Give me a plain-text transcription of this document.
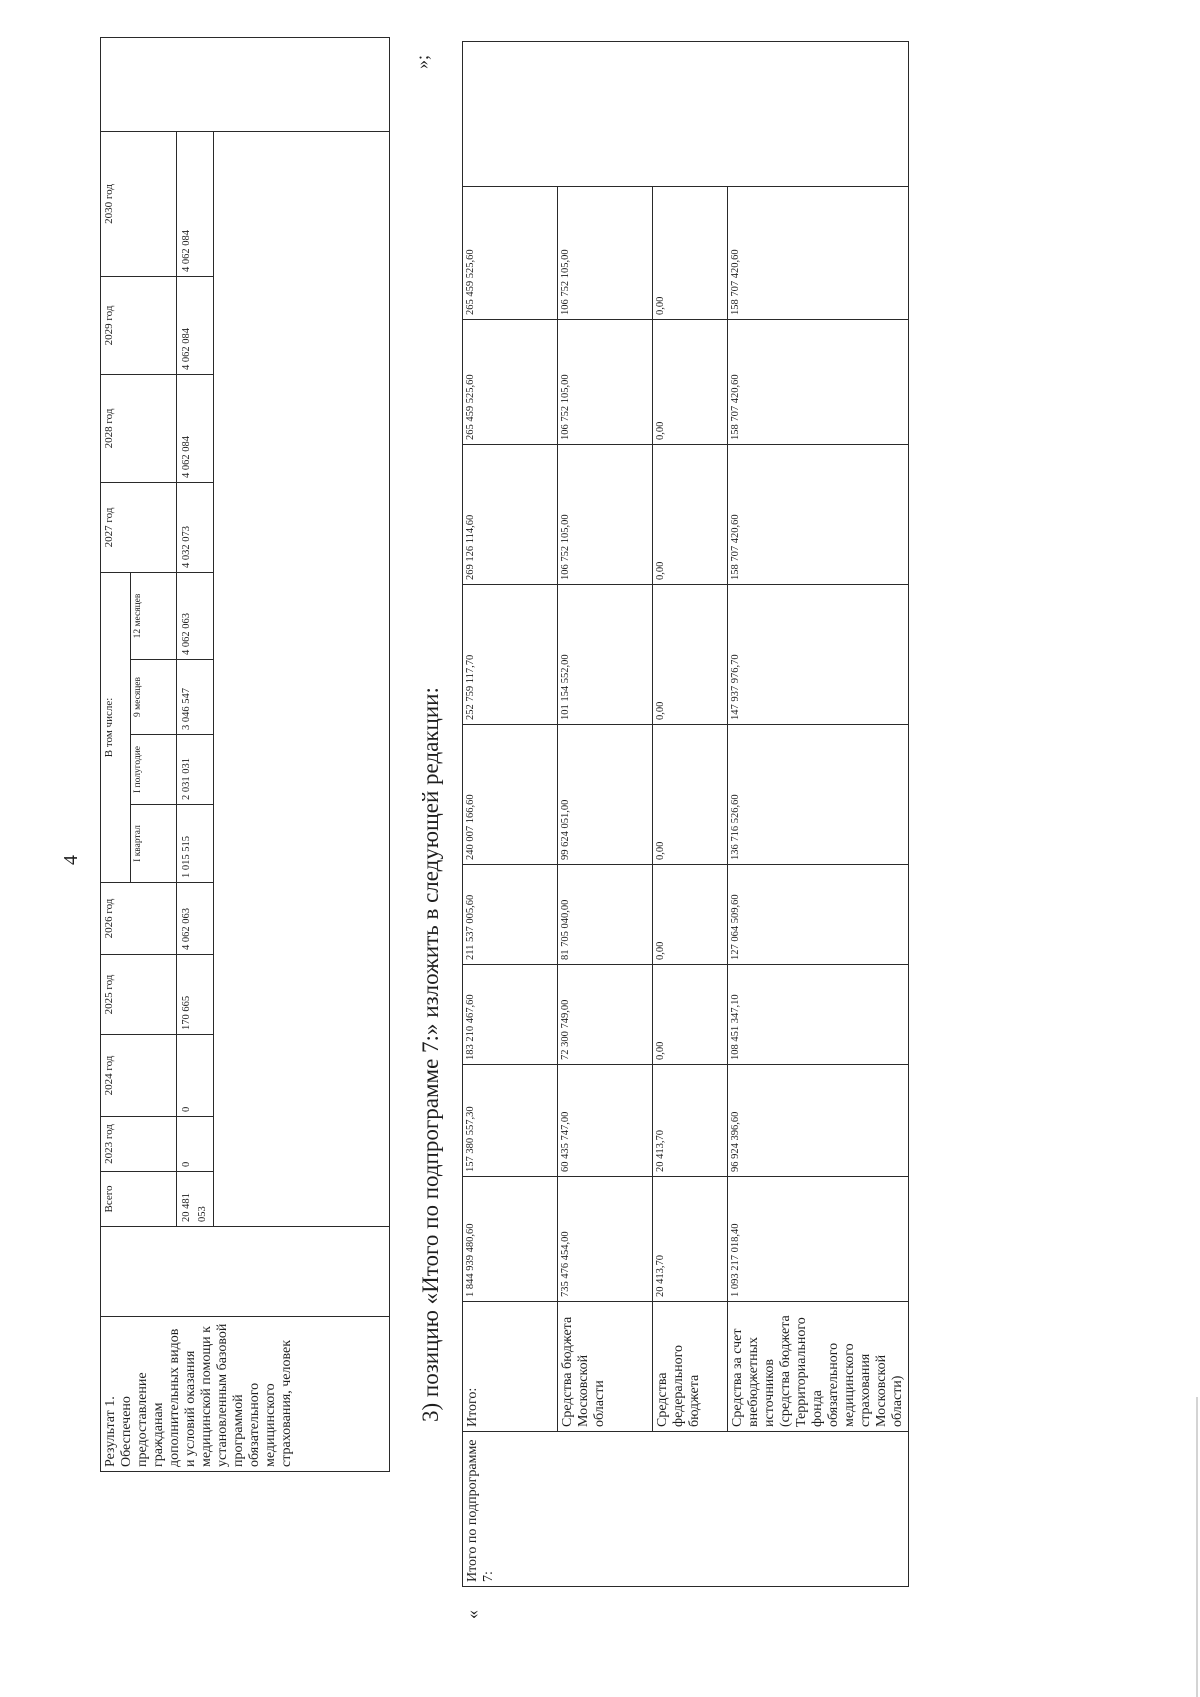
4
Результат 1. Обеспечено предоставление гражданам дополнительных видов и условий оказания медицинской помощи к установленным базовой программой обязательного медицинского страхования, человек		Всего	2023 год	2024 год	2025 год	2026 год	В том числе:				2027 год	2028 год	2029 год	2030 год	
							I квартал	I полугодие	9 месяцев	12 месяцев					
		20 481 053	0	0	170 665	4 062 063	1 015 515	2 031 031	3 046 547	4 062 063	4 032 073	4 062 084	4 062 084	4 062 084	

»;
3) позицию «Итого по подпрограмме 7:» изложить в следующей редакции:
«
Итого по подпрограмме 7:	Итого:	1 844 939 480,60	157 380 557,30	183 210 467,60	211 537 005,60	240 007 166,60	252 759 117,70	269 126 114,60	265 459 525,60	265 459 525,60	
	Средства бюджета Московской области	735 476 454,00	60 435 747,00	72 300 749,00	81 705 040,00	99 624 051,00	101 154 552,00	106 752 105,00	106 752 105,00	106 752 105,00	
	Средства федерального бюджета	20 413,70	20 413,70	0,00	0,00	0,00	0,00	0,00	0,00	0,00	
	Средства за счет внебюджетных источников (средства бюджета Территориального фонда обязательного медицинского страхования Московской области)	1 093 217 018,40	96 924 396,60	108 451 347,10	127 064 509,60	136 716 526,60	147 937 976,70	158 707 420,60	158 707 420,60	158 707 420,60	
